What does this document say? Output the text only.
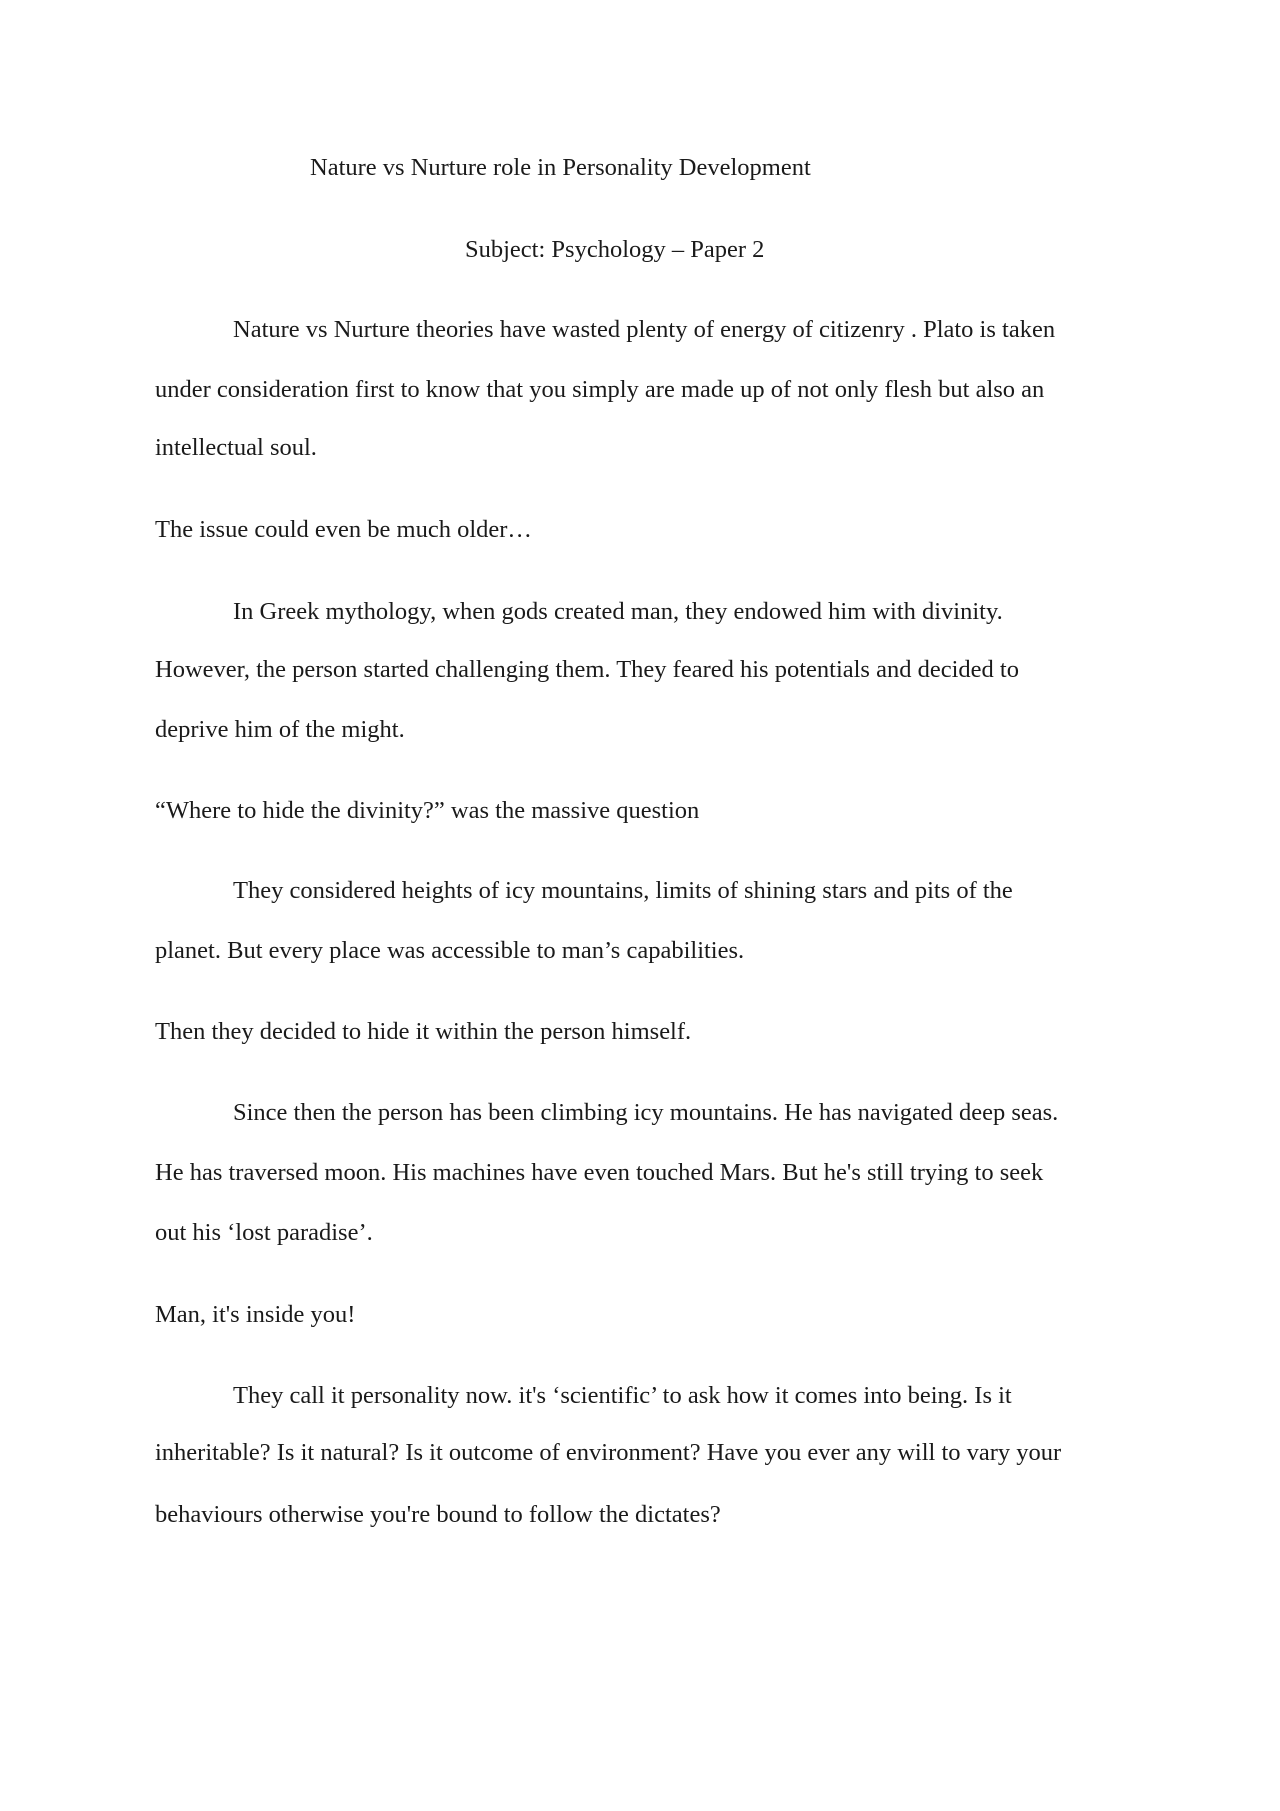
Nature vs Nurture role in Personality Development
Subject: Psychology – Paper 2
Nature vs Nurture theories have wasted plenty of energy of citizenry . Plato is taken
under consideration first to know that you simply are made up of not only flesh but also an
intellectual soul.
The issue could even be much older…
In Greek mythology, when gods created man, they endowed him with divinity.
However, the person started challenging them. They feared his potentials and decided to
deprive him of the might.
“Where to hide the divinity?” was the massive question
They considered heights of icy mountains, limits of shining stars and pits of the
planet. But every place was accessible to man’s capabilities.
Then they decided to hide it within the person himself.
Since then the person has been climbing icy mountains. He has navigated deep seas.
He has traversed moon. His machines have even touched Mars. But he's still trying to seek
out his ‘lost paradise’.
Man, it's inside you!
They call it personality now. it's ‘scientific’ to ask how it comes into being. Is it
inheritable? Is it natural? Is it outcome of environment? Have you ever any will to vary your
behaviours otherwise you're bound to follow the dictates?
